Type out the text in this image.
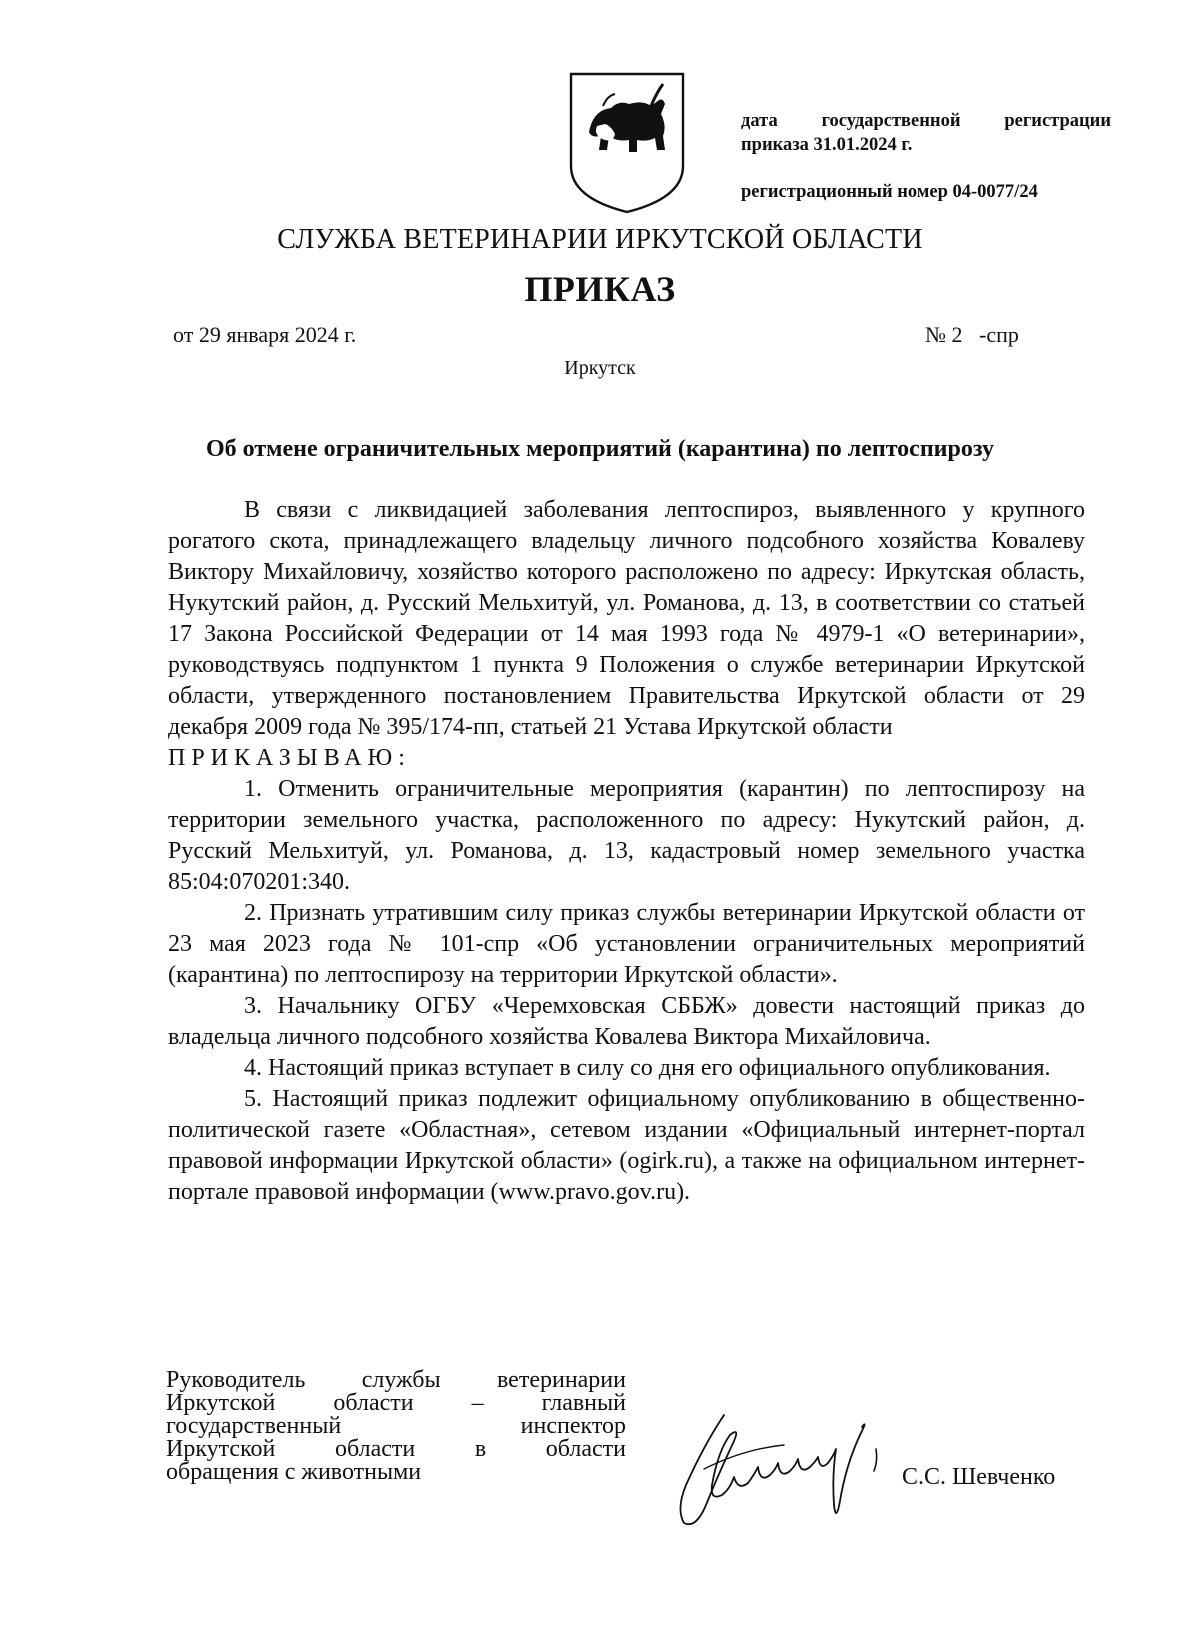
дата государственной регистрации
приказа 31.01.2024 г.
регистрационный номер 04-0077/24
СЛУЖБА ВЕТЕРИНАРИИ ИРКУТСКОЙ ОБЛАСТИ
ПРИКАЗ
от 29 января 2024 г.	№ 2   -спр
Иркутск
Об отмене ограничительных мероприятий (карантина) по лептоспирозу

В связи с ликвидацией заболевания лептоспироз, выявленного у крупного рогатого скота, принадлежащего владельцу личного подсобного хозяйства Ковалеву Виктору Михайловичу, хозяйство которого расположено по адресу: Иркутская область, Нукутский район, д. Русский Мельхитуй, ул. Романова, д. 13, в соответствии со статьей 17 Закона Российской Федерации от 14 мая 1993 года № 4979-1 «О ветеринарии», руководствуясь подпунктом 1 пункта 9 Положения о службе ветеринарии Иркутской области, утвержденного постановлением Правительства Иркутской области от 29 декабря 2009 года № 395/174-пп, статьей 21 Устава Иркутской области

ПРИКАЗЫВАЮ:

1. Отменить ограничительные мероприятия (карантин) по лептоспирозу на территории земельного участка, расположенного по адресу: Нукутский район, д. Русский Мельхитуй, ул. Романова, д. 13, кадастровый номер земельного участка 85:04:070201:340.

2. Признать утратившим силу приказ службы ветеринарии Иркутской области от 23 мая 2023 года № 101-спр «Об установлении ограничительных мероприятий (карантина) по лептоспирозу на территории Иркутской области».

3. Начальнику ОГБУ «Черемховская СББЖ» довести настоящий приказ до владельца личного подсобного хозяйства Ковалева Виктора Михайловича.

4. Настоящий приказ вступает в силу со дня его официального опубликования.

5. Настоящий приказ подлежит официальному опубликованию в общественно-политической газете «Областная», сетевом издании «Официальный интернет-портал правовой информации Иркутской области» (ogirk.ru), а также на официальном интернет-портале правовой информации (www.pravo.gov.ru).

Руководитель службы ветеринарии
Иркутской области – главный
государственный инспектор
Иркутской области в области
обращения с животными	С.С. Шевченко
